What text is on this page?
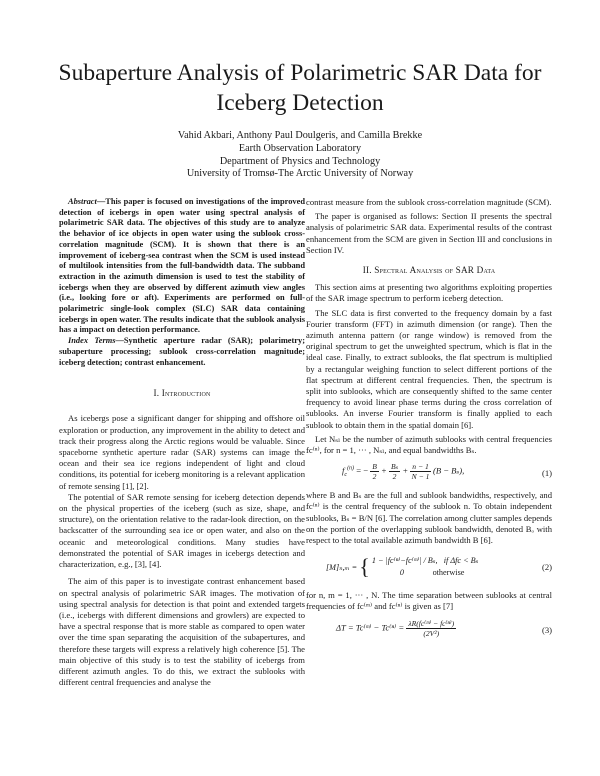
Subaperture Analysis of Polarimetric SAR Data for Iceberg Detection
Vahid Akbari, Anthony Paul Doulgeris, and Camilla Brekke
Earth Observation Laboratory
Department of Physics and Technology
University of Tromsø-The Arctic University of Norway

Abstract—This paper is focused on investigations of the improved detection of icebergs in open water using spectral analysis of polarimetric SAR data. The objectives of this study are to analyze the behavior of ice objects in open water using the sublook cross-correlation magnitude (SCM). It is shown that there is an improvement of iceberg-sea contrast when the SCM is used instead of multilook intensities from the full-bandwidth data. The subband extraction in the azimuth dimension is used to test the stability of icebergs when they are observed by different azimuth view angles (i.e., looking fore or aft). Experiments are performed on full-polarimetric single-look complex (SLC) SAR data containing icebergs in open water. The results indicate that the sublook analysis has a impact on detection performance.

Index Terms—Synthetic aperture radar (SAR); polarimetry; subaperture processing; sublook cross-correlation magnitude; iceberg detection; contrast enhancement.

I. Introduction

As icebergs pose a significant danger for shipping and offshore oil exploration or production, any improvement in the ability to detect and track their progress along the Arctic regions would be valuable. Since spaceborne synthetic aperture radar (SAR) systems can image the ocean and their sea ice regions independent of light and cloud conditions, its potential for iceberg monitoring is a relevant application of remote sensing [1], [2].

The potential of SAR remote sensing for iceberg detection depends on the physical properties of the iceberg (such as size, shape, and structure), on the orientation relative to the radar-look direction, on the backscatter of the surrounding sea ice or open water, and also on the oceanic and meteorological conditions. Many studies have demonstrated the potential of SAR images in icebergs detection and characterization, e.g., [3], [4].

The aim of this paper is to investigate contrast enhancement based on spectral analysis of polarimetric SAR images. The motivation of using spectral analysis for detection is that point and extended targets (i.e., icebergs with different dimensions and growlers) are expected to have a spectral response that is more stable as compared to open water over the time span separating the acquisition of the subapertures, and therefore these targets will express a relatively high coherence [5]. The main objective of this study is to test the stability of icebergs from different azimuth angles. To do this, we extract the sublooks with different central frequencies and analyse the

contrast measure from the sublook cross-correlation magnitude (SCM).

The paper is organised as follows: Section II presents the spectral analysis of polarimetric SAR data. Experimental results of the contrast enhancement from the SCM are given in Section III and conclusions in Section IV.

II. Spectral Analysis of SAR Data

This section aims at presenting two algorithms exploiting properties of the SAR image spectrum to perform iceberg detection.

The SLC data is first converted to the frequency domain by a fast Fourier transform (FFT) in azimuth dimension (or range). Then the azimuth antenna pattern (or range window) is removed from the original spectrum to get the unweighted spectrum, which is flat in the ideal case. Finally, to extract sublooks, the flat spectrum is multiplied by a rectangular weighing function to select different portions of the flat spectrum at different central frequencies. Then, the spectrum is split into sublooks, which are consequently shifted to the same center frequency to avoid linear phase terms during the cross correlation of sublooks. An inverse Fourier transform is finally applied to each sublook to obtain them in the spatial domain [6].

Let Nₛₗ be the number of azimuth sublooks with central frequencies fc⁽ⁿ⁾, for n = 1, ··· , Nₛₗ, and equal bandwidths Bₛ.

$f_c^{(n)}$ = − $\frac{B}{2} + \frac{\text{Bₛ}}{2} + \frac{n - 1}{N - 1} (B - B_s)$,	(1)

where B and Bₛ are the full and sublook bandwidths, respectively, and fc⁽ⁿ⁾ is the central frequency of the sublook n. To obtain independent sublooks, Bₛ = B/N [6]. The correlation among clutter samples depends on the portion of the overlapping sublook bandwidth, denoted Bₒ with respect to the total available azimuth bandwidth B [6].

[M]ₙ,ₘ = { 1 − |fc⁽ⁿ⁾−fc⁽ᵐ⁾| / Bₛ, if Δfc < Bₛ
0	otherwise
(2)

for n, m = 1, ··· , N. The time separation between sublooks at central frequencies of fc⁽ᵐ⁾ and fc⁽ⁿ⁾ is given as [7]

ΔT = Tc⁽ᵐ⁾ − $Tc^{(n)} = \frac{\text{λR(fc⁽ᵐ⁾ − fc⁽ⁿ⁾)}}{\text{(2V²)}}$	(3)
